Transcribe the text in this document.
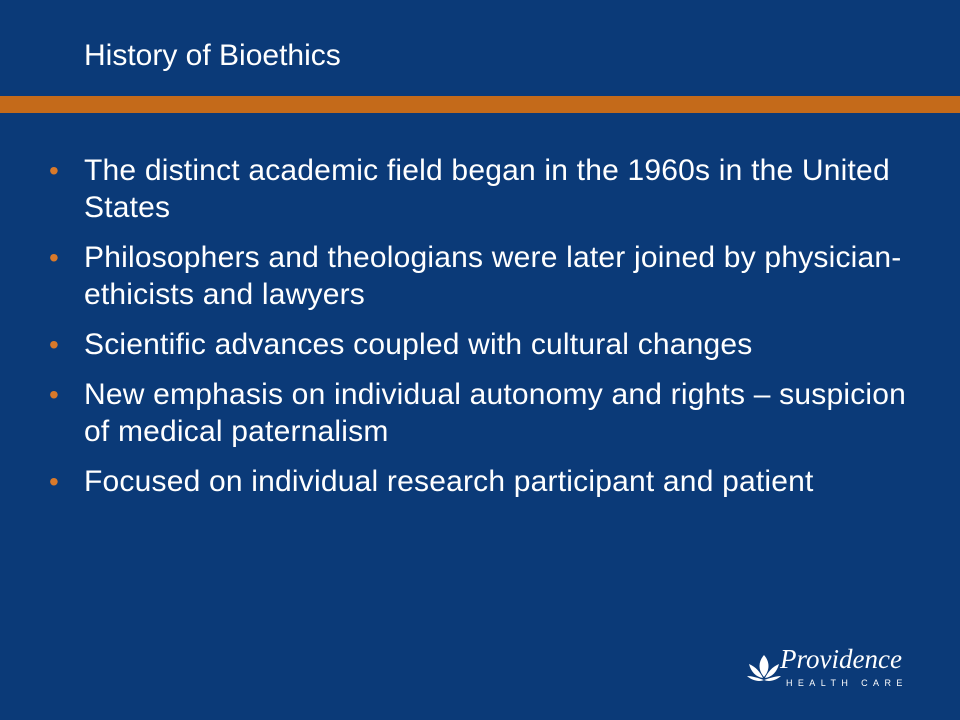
History of Bioethics
• The distinct academic field began in the 1960s in the United States
• Philosophers and theologians were later joined by physician-ethicists and lawyers
• Scientific advances coupled with cultural changes
• New emphasis on individual autonomy and rights – suspicion of medical paternalism
• Focused on individual research participant and patient
Providence
HEALTH CARE
